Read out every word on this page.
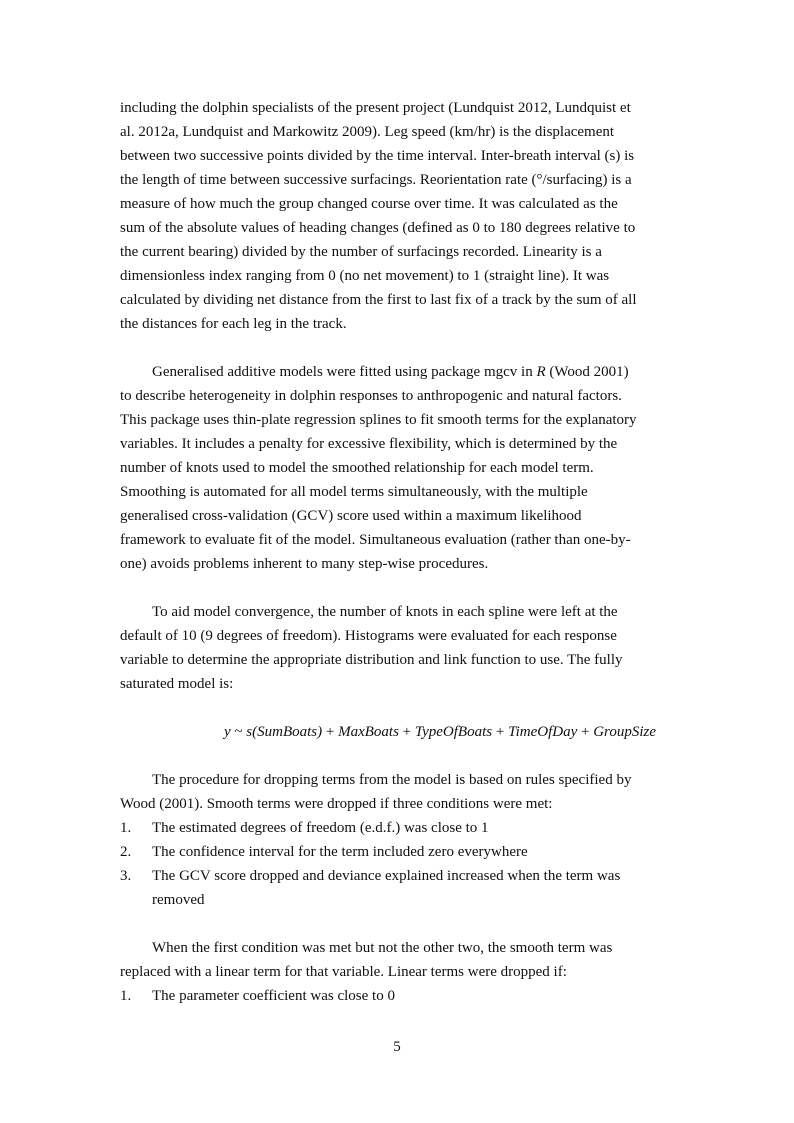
including the dolphin specialists of the present project (Lundquist 2012, Lundquist et
al. 2012a, Lundquist and Markowitz 2009). Leg speed (km/hr) is the displacement
between two successive points divided by the time interval. Inter-breath interval (s) is
the length of time between successive surfacings. Reorientation rate (°/surfacing) is a
measure of how much the group changed course over time. It was calculated as the
sum of the absolute values of heading changes (defined as 0 to 180 degrees relative to
the current bearing) divided by the number of surfacings recorded. Linearity is a
dimensionless index ranging from 0 (no net movement) to 1 (straight line). It was
calculated by dividing net distance from the first to last fix of a track by the sum of all
the distances for each leg in the track.

Generalised additive models were fitted using package mgcv in R (Wood 2001)
to describe heterogeneity in dolphin responses to anthropogenic and natural factors.
This package uses thin-plate regression splines to fit smooth terms for the explanatory
variables. It includes a penalty for excessive flexibility, which is determined by the
number of knots used to model the smoothed relationship for each model term.
Smoothing is automated for all model terms simultaneously, with the multiple
generalised cross-validation (GCV) score used within a maximum likelihood
framework to evaluate fit of the model. Simultaneous evaluation (rather than one-by-
one) avoids problems inherent to many step-wise procedures.

To aid model convergence, the number of knots in each spline were left at the
default of 10 (9 degrees of freedom). Histograms were evaluated for each response
variable to determine the appropriate distribution and link function to use. The fully
saturated model is:

y ~ s(SumBoats) + MaxBoats + TypeOfBoats + TimeOfDay + GroupSize

The procedure for dropping terms from the model is based on rules specified by
Wood (2001). Smooth terms were dropped if three conditions were met:

1. The estimated degrees of freedom (e.d.f.) was close to 1
2. The confidence interval for the term included zero everywhere
3. The GCV score dropped and deviance explained increased when the term was
removed

When the first condition was met but not the other two, the smooth term was
replaced with a linear term for that variable. Linear terms were dropped if:

1. The parameter coefficient was close to 0
5
